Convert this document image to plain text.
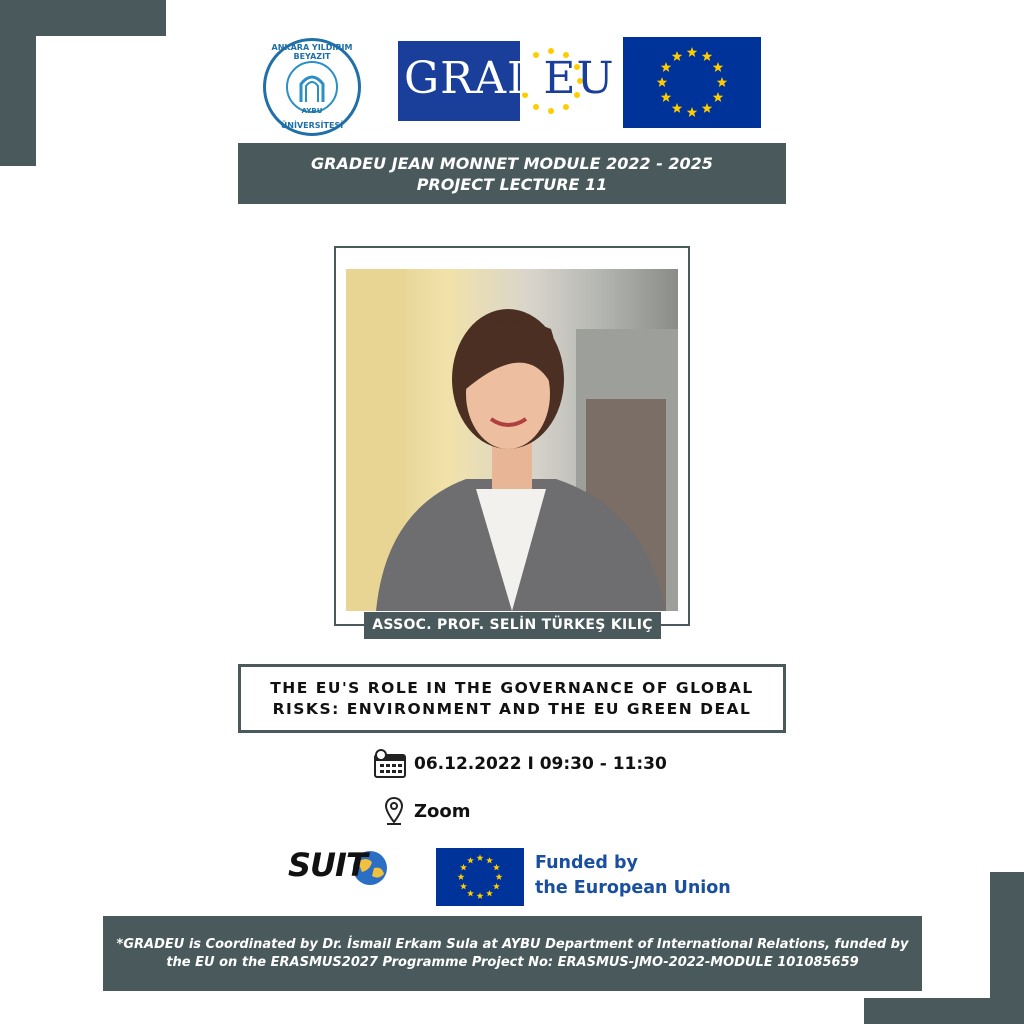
ANKARA YILDIRIM BEYAZIT
ÜNİVERSİTESİ
AYBU
GRADEU
GRADEU JEAN MONNET MODULE 2022 - 2025
PROJECT LECTURE 11
ASSOC. PROF. SELİN TÜRKEŞ KILIÇ
THE EU'S ROLE IN THE GOVERNANCE OF GLOBAL
RISKS: ENVIRONMENT AND THE EU GREEN DEAL
06.12.2022 I 09:30 - 11:30
Zoom
SUIT	Funded by
the European Union
*GRADEU is Coordinated by Dr. İsmail Erkam Sula at AYBU Department of International Relations, funded by the EU on the ERASMUS2027 Programme Project No: ERASMUS-JMO-2022-MODULE 101085659
